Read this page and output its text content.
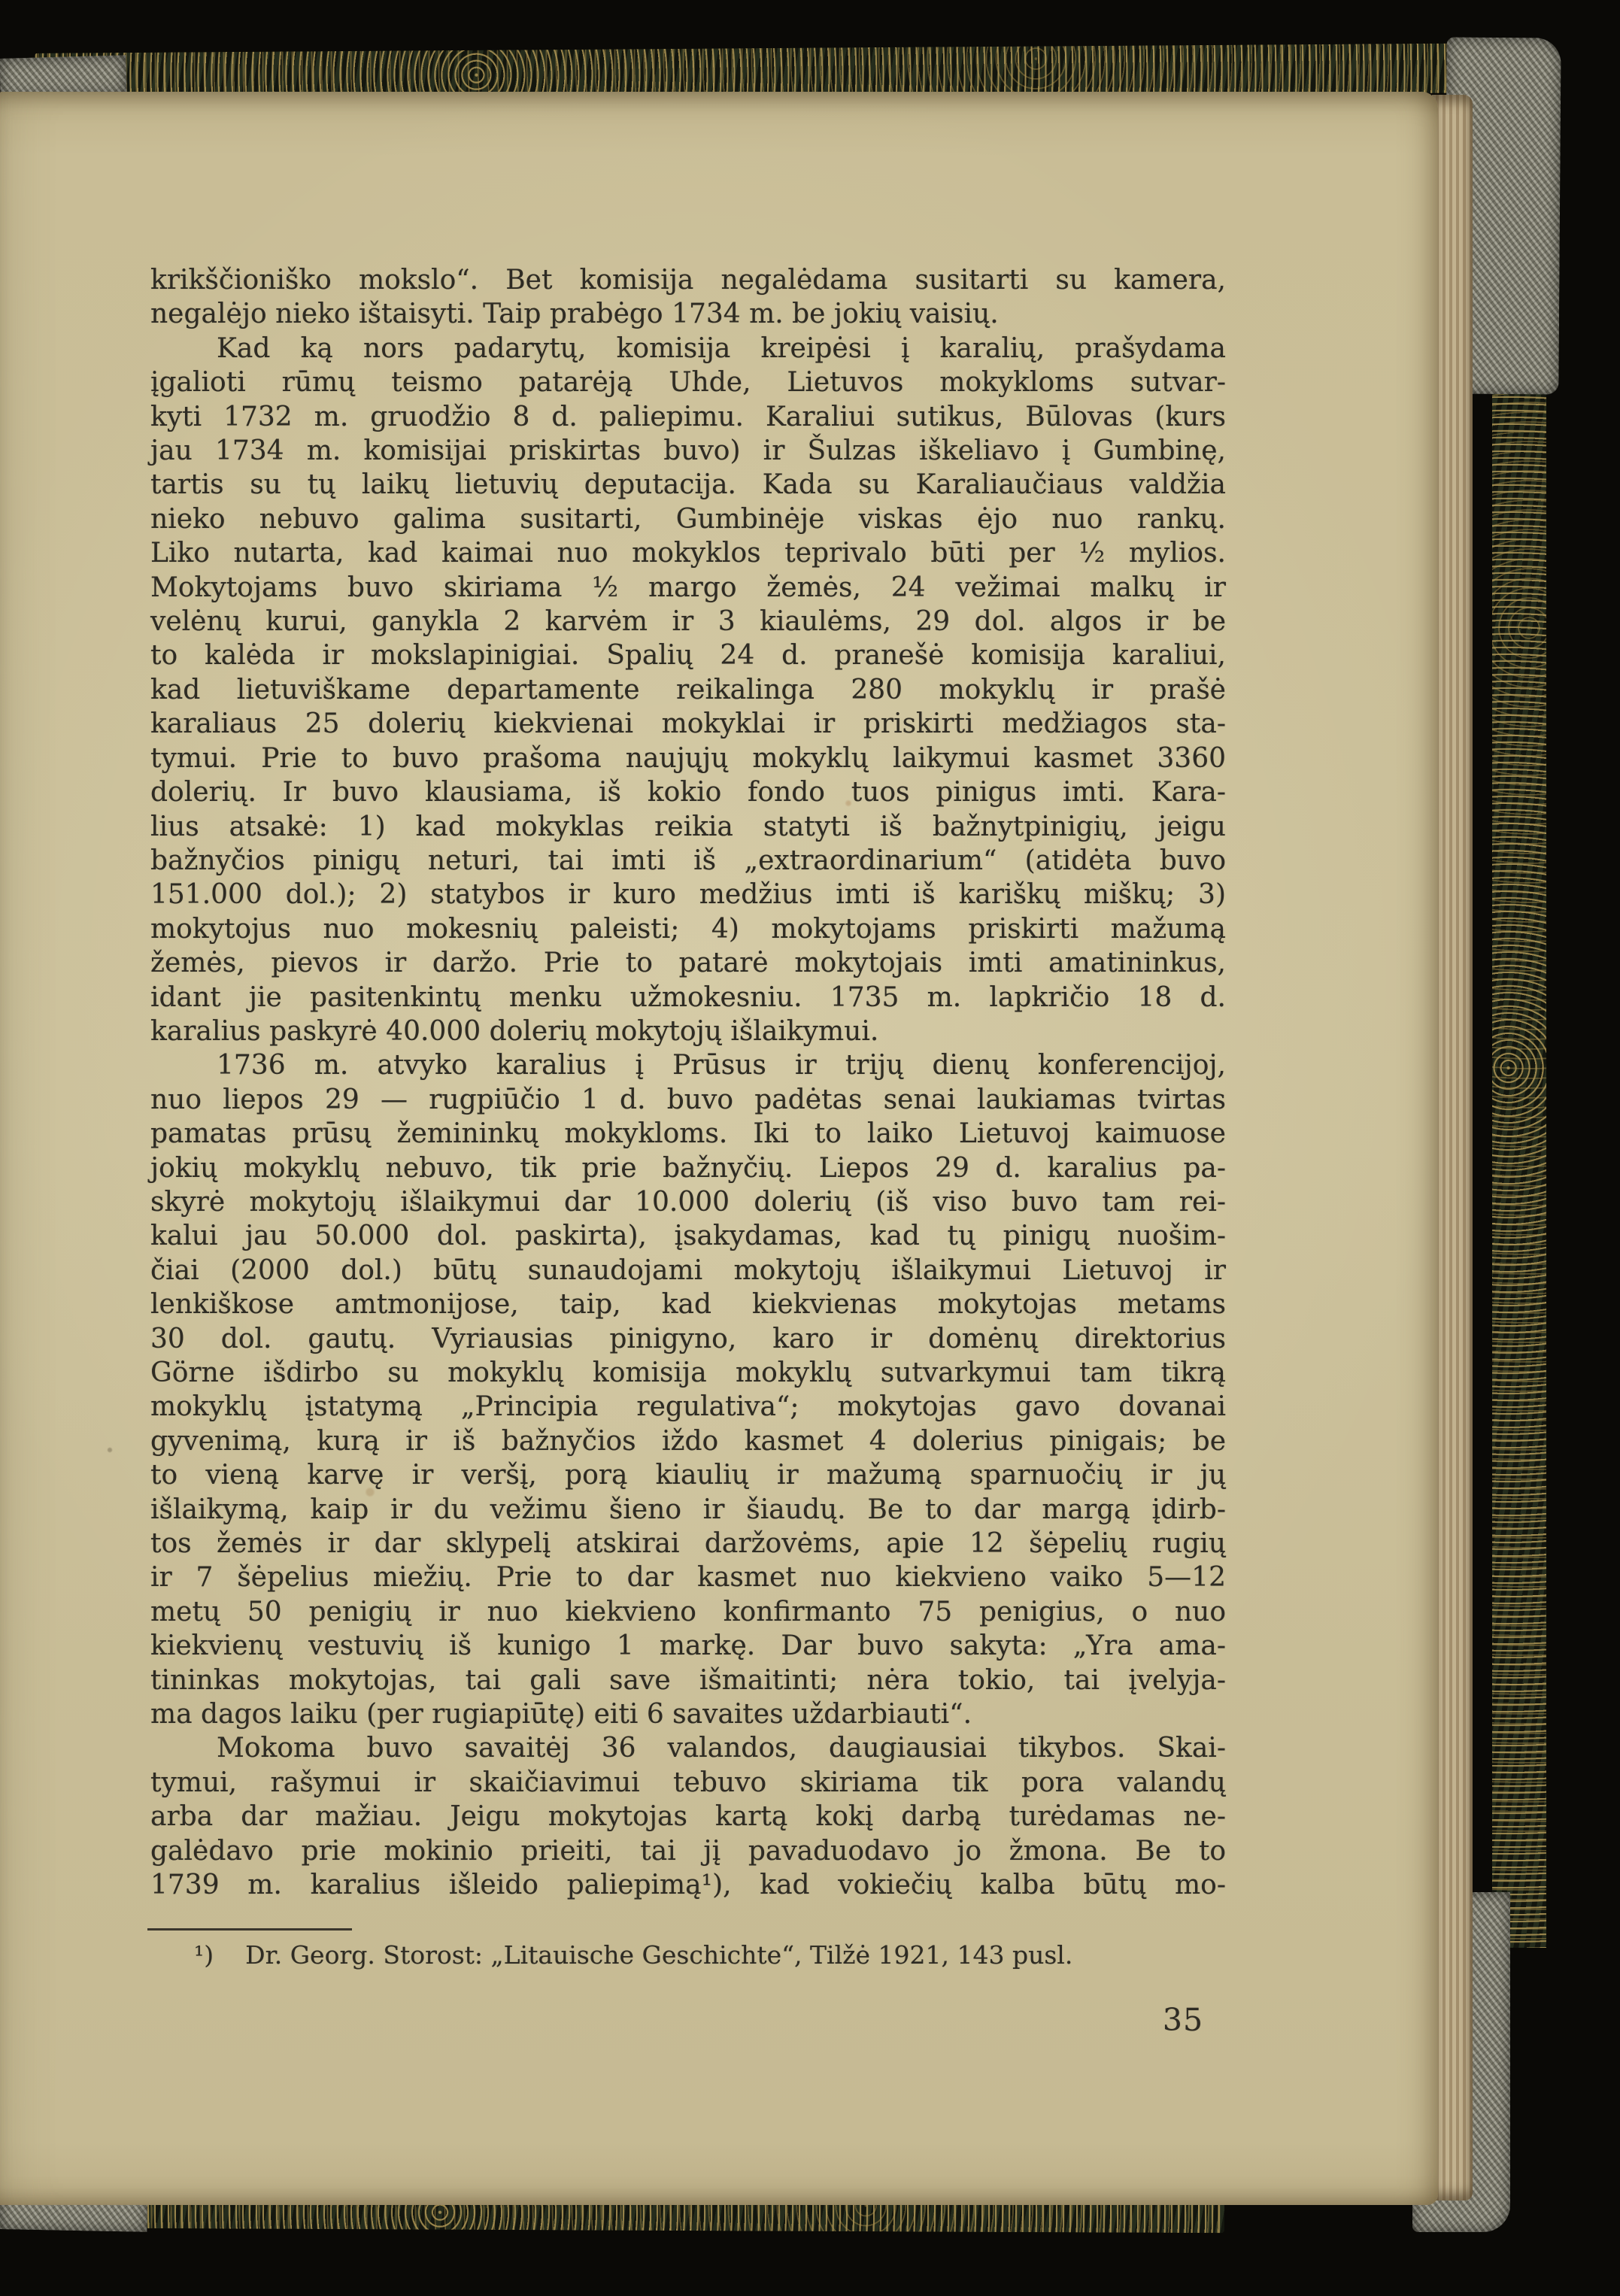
krikščioniško mokslo“. Bet komisija negalėdama susitarti su kamera,
negalėjo nieko ištaisyti. Taip prabėgo 1734 m. be jokių vaisių.
Kad ką nors padarytų, komisija kreipėsi į karalių, prašydama
įgalioti rūmų teismo patarėją Uhde, Lietuvos mokykloms sutvar-
kyti 1732 m. gruodžio 8 d. paliepimu. Karaliui sutikus, Būlovas (kurs
jau 1734 m. komisijai priskirtas buvo) ir Šulzas iškeliavo į Gumbinę,
tartis su tų laikų lietuvių deputacija. Kada su Karaliaučiaus valdžia
nieko nebuvo galima susitarti, Gumbinėje viskas ėjo nuo rankų.
Liko nutarta, kad kaimai nuo mokyklos teprivalo būti per ½ mylios.
Mokytojams buvo skiriama ½ margo žemės, 24 vežimai malkų ir
velėnų kurui, ganykla 2 karvėm ir 3 kiaulėms, 29 dol. algos ir be
to kalėda ir mokslapinigiai. Spalių 24 d. pranešė komisija karaliui,
kad lietuviškame departamente reikalinga 280 mokyklų ir prašė
karaliaus 25 dolerių kiekvienai mokyklai ir priskirti medžiagos sta-
tymui. Prie to buvo prašoma naujųjų mokyklų laikymui kasmet 3360
dolerių. Ir buvo klausiama, iš kokio fondo tuos pinigus imti. Kara-
lius atsakė: 1) kad mokyklas reikia statyti iš bažnytpinigių, jeigu
bažnyčios pinigų neturi, tai imti iš „extraordinarium“ (atidėta buvo
151.000 dol.); 2) statybos ir kuro medžius imti iš kariškų miškų; 3)
mokytojus nuo mokesnių paleisti; 4) mokytojams priskirti mažumą
žemės, pievos ir daržo. Prie to patarė mokytojais imti amatininkus,
idant jie pasitenkintų menku užmokesniu. 1735 m. lapkričio 18 d.
karalius paskyrė 40.000 dolerių mokytojų išlaikymui.
1736 m. atvyko karalius į Prūsus ir trijų dienų konferencijoj,
nuo liepos 29 — rugpiūčio 1 d. buvo padėtas senai laukiamas tvirtas
pamatas prūsų žemininkų mokykloms. Iki to laiko Lietuvoj kaimuose
jokių mokyklų nebuvo, tik prie bažnyčių. Liepos 29 d. karalius pa-
skyrė mokytojų išlaikymui dar 10.000 dolerių (iš viso buvo tam rei-
kalui jau 50.000 dol. paskirta), įsakydamas, kad tų pinigų nuošim-
čiai (2000 dol.) būtų sunaudojami mokytojų išlaikymui Lietuvoj ir
lenkiškose amtmonijose, taip, kad kiekvienas mokytojas metams
30 dol. gautų. Vyriausias pinigyno, karo ir domėnų direktorius
Görne išdirbo su mokyklų komisija mokyklų sutvarkymui tam tikrą
mokyklų įstatymą „Principia regulativa“; mokytojas gavo dovanai
gyvenimą, kurą ir iš bažnyčios iždo kasmet 4 dolerius pinigais; be
to vieną karvę ir veršį, porą kiaulių ir mažumą sparnuočių ir jų
išlaikymą, kaip ir du vežimu šieno ir šiaudų. Be to dar margą įdirb-
tos žemės ir dar sklypelį atskirai daržovėms, apie 12 šėpelių rugių
ir 7 šėpelius miežių. Prie to dar kasmet nuo kiekvieno vaiko 5—12
metų 50 penigių ir nuo kiekvieno konfirmanto 75 penigius, o nuo
kiekvienų vestuvių iš kunigo 1 markę. Dar buvo sakyta: „Yra ama-
tininkas mokytojas, tai gali save išmaitinti; nėra tokio, tai įvelyja-
ma dagos laiku (per rugiapiūtę) eiti 6 savaites uždarbiauti“.
Mokoma buvo savaitėj 36 valandos, daugiausiai tikybos. Skai-
tymui, rašymui ir skaičiavimui tebuvo skiriama tik pora valandų
arba dar mažiau. Jeigu mokytojas kartą kokį darbą turėdamas ne-
galėdavo prie mokinio prieiti, tai jį pavaduodavo jo žmona. Be to
1739 m. karalius išleido paliepimą¹), kad vokiečių kalba būtų mo-
¹) Dr. Georg. Storost: „Litauische Geschichte“, Tilžė 1921, 143 pusl.
35
